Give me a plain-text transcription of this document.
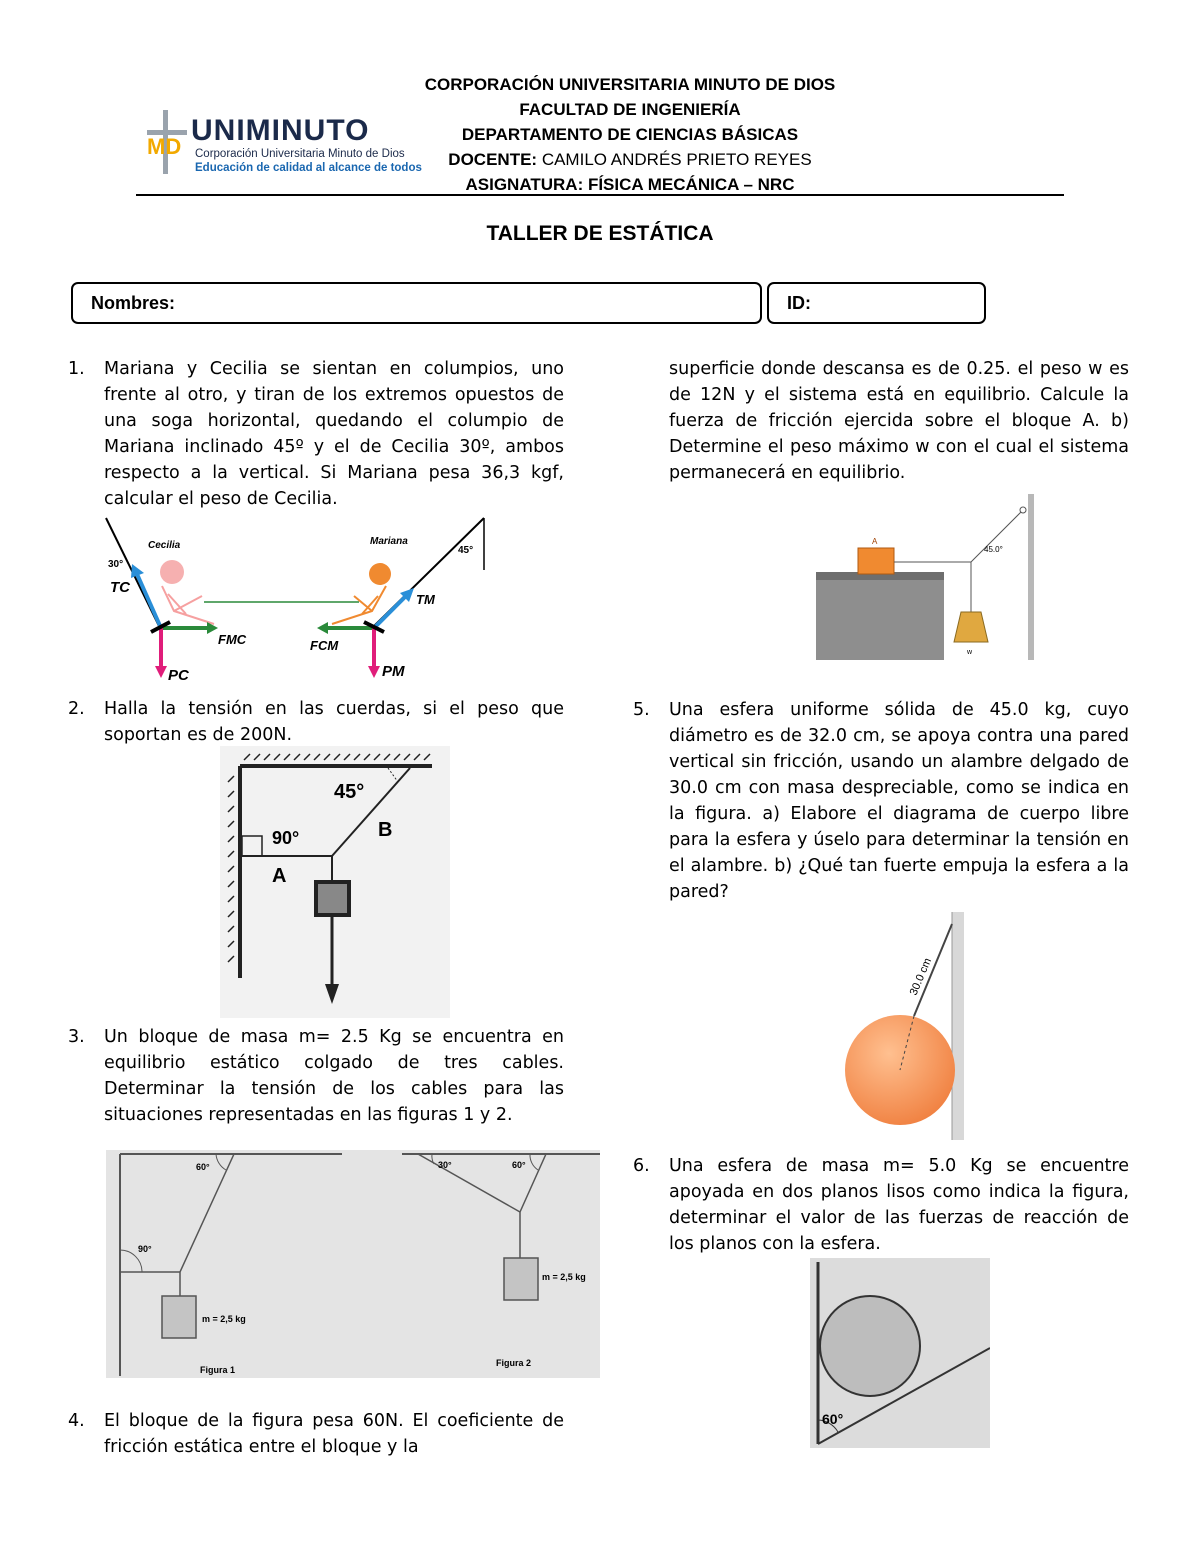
MD UNIMINUTO
Corporación Universitaria Minuto de Dios
Educación de calidad al alcance de todos
CORPORACIÓN UNIVERSITARIA MINUTO DE DIOS
FACULTAD DE INGENIERÍA
DEPARTAMENTO DE CIENCIAS BÁSICAS
DOCENTE: CAMILO ANDRÉS PRIETO REYES
ASIGNATURA: FÍSICA MECÁNICA – NRC
TALLER DE ESTÁTICA
Nombres:	ID:
1. Mariana y Cecilia se sientan en columpios, uno frente al otro, y tiran de los extremos opuestos de una soga horizontal, quedando el columpio de Mariana inclinado 45º y el de Cecilia 30º, ambos respecto a la vertical. Si Mariana pesa 36,3 kgf, calcular el peso de Cecilia.
Cecilia	Mariana
30°
45°
TC
TM
FMC	FCM
PC	PM
2. Halla la tensión en las cuerdas, si el peso que soportan es de 200N.
45°
90°
A
B
3. Un bloque de masa m= 2.5 Kg se encuentra en equilibrio estático colgado de tres cables. Determinar la tensión de los cables para las situaciones representadas en las figuras 1 y 2.
60°
90°
m = 2,5 kg
Figura 1
30°	60°
m = 2,5 kg
Figura 2
4. El bloque de la figura pesa 60N. El coeficiente de fricción estática entre el bloque y la
superficie donde descansa es de 0.25. el peso w es de 12N y el sistema está en equilibrio. Calcule la fuerza de fricción ejercida sobre el bloque A. b) Determine el peso máximo w con el cual el sistema permanecerá en equilibrio.
A
45.0°
w
5. Una esfera uniforme sólida de 45.0 kg, cuyo diámetro es de 32.0 cm, se apoya contra una pared vertical sin fricción, usando un alambre delgado de 30.0 cm con masa despreciable, como se indica en la figura. a) Elabore el diagrama de cuerpo libre para la esfera y úselo para determinar la tensión en el alambre. b) ¿Qué tan fuerte empuja la esfera a la pared?
30.0 cm
6. Una esfera de masa m= 5.0 Kg se encuentre apoyada en dos planos lisos como indica la figura, determinar el valor de las fuerzas de reacción de los planos con la esfera.
60°
